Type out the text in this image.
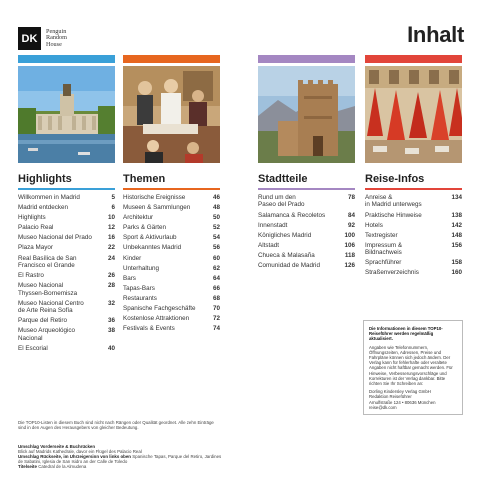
DK
Penguin
Random
House	Inhalt
Highlights
Willkommen in Madrid	5
Madrid entdecken	6
Highlights	10
Palacio Real	12
Museo Nacional del Prado	16
Plaza Mayor	22
Real Basílica de San
Francisco el Grande
24
El Rastro	26
Museo Nacional
Thyssen-Bornemisza
28
Museo Nacional Centro
de Arte Reina Sofía
32
Parque del Retiro	36
Museo Arqueológico
Nacional
38
El Escorial	40
Themen
Historische Ereignisse	46
Museen & Sammlungen	48
Architektur	50
Parks & Gärten	52
Sport & Aktivurlaub	54
Unbekanntes Madrid	56
Kinder	60
Unterhaltung	62
Bars	64
Tapas-Bars	66
Restaurants	68
Spanische Fachgeschäfte	70
Kostenlose Attraktionen	72
Festivals & Events	74
Stadtteile
Rund um den
Paseo del Prado
78
Salamanca & Recoletos	84
Innenstadt	92
Königliches Madrid	100
Altstadt	106
Chueca & Malasaña	118
Comunidad de Madrid	126
Reise-Infos
Anreise &
in Madrid unterwegs
134
Praktische Hinweise	138
Hotels	142
Textregister	148
Impressum &
Bildnachweis
156
Sprachführer	158
Straßenverzeichnis	160
Die TOP10-Listen in diesem Buch sind nicht nach Rängen oder Qualität geordnet. Alle zehn Einträge sind in den Augen des Herausgebers von gleicher Bedeutung.
Umschlag Vorderseite & Buchrücken
Blick auf Madrids Kathedrale, davor ein Flügel des Palacio Real
Umschlag Rückseite, im Uhrzeigersinn von links oben Spanische Tapas, Parque del Retiro, Jardines de Sabatini, Iglesia de San Isidro an der Calle de Toledo
Titelseite Catedral de la Almudena

Die Informationen in diesem TOP10-Reiseführer werden regelmäßig aktualisiert.

Angaben wie Telefonnummern, Öffnungszeiten, Adressen, Preise und Fahrpläne können sich jedoch ändern. Der Verlag kann für fehlerhafte oder veraltete Angaben nicht haftbar gemacht werden. Für Hinweise, Verbesserungsvorschläge und Korrekturen ist der Verlag dankbar. Bitte richten Sie Ihr Schreiben an:

Dorling Kindersley Verlag GmbH
Redaktion Reiseführer
Arnulfstraße 124 • 80636 München
reise@dk.com
